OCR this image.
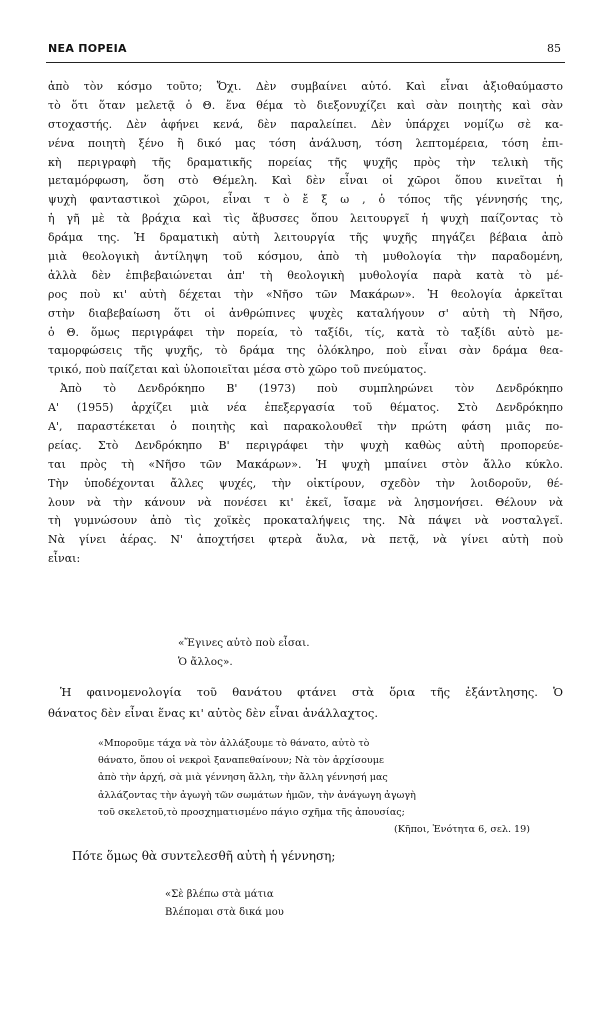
ΝΕΑ ΠΟΡΕΙΑ	85
ἀπὸ τὸν κόσμο τοῦτο; Ὄχι. Δὲν συμβαίνει αὐτό. Καὶ εἶναι ἀξιοθαύμαστο
τὸ ὅτι ὅταν μελετᾷ ὁ Θ. ἕνα θέμα τὸ διεξονυχίζει καὶ σὰν ποιητὴς καὶ σὰν
στοχαστής. Δὲν ἀφήνει κενά, δὲν παραλείπει. Δὲν ὑπάρχει νομίζω σὲ κα-
νένα ποιητὴ ξένο ἢ δικό μας τόση ἀνάλυση, τόση λεπτομέρεια, τόση ἐπι-
κὴ περιγραφὴ τῆς δραματικῆς πορείας τῆς ψυχῆς πρὸς τὴν τελικὴ τῆς
μεταμόρφωση, ὅση στὸ Θέμελη. Καὶ δὲν εἶναι οἱ χῶροι ὅπου κινεῖται ἡ
ψυχὴ φανταστικοὶ χῶροι, εἶναι τ ὸ ἔ ξ ω , ὁ τόπος τῆς γέννησής της,
ἡ γῆ μὲ τὰ βράχια καὶ τὶς ἄβυσσες ὅπου λειτουργεῖ ἡ ψυχὴ παίζοντας τὸ
δράμα της. Ἡ δραματικὴ αὐτὴ λειτουργία τῆς ψυχῆς πηγάζει βέβαια ἀπὸ
μιὰ θεολογικὴ ἀντίληψη τοῦ κόσμου, ἀπὸ τὴ μυθολογία τὴν παραδομένη,
ἀλλὰ δὲν ἐπιβεβαιώνεται ἀπ' τὴ θεολογικὴ μυθολογία παρὰ κατὰ τὸ μέ-
ρος ποὺ κι' αὐτὴ δέχεται τὴν «Νῆσο τῶν Μακάρων». Ἡ θεολογία ἀρκεῖται
στὴν διαβεβαίωση ὅτι οἱ ἀνθρώπινες ψυχὲς καταλήγουν σ' αὐτὴ τὴ Νῆσο,
ὁ Θ. ὅμως περιγράφει τὴν πορεία, τὸ ταξίδι, τίς, κατὰ τὸ ταξίδι αὐτὸ με-
ταμορφώσεις τῆς ψυχῆς, τὸ δράμα της ὁλόκληρο, ποὺ εἶναι σὰν δράμα θεα-
τρικό, ποὺ παίζεται καὶ ὑλοποιεῖται μέσα στὸ χῶρο τοῦ πνεύματος.
Ἀπὸ τὸ Δενδρόκηπο Β' (1973) ποὺ συμπληρώνει τὸν Δενδρόκηπο
Α' (1955) ἀρχίζει μιὰ νέα ἐπεξεργασία τοῦ θέματος. Στὸ Δενδρόκηπο
Α', παραστέκεται ὁ ποιητὴς καὶ παρακολουθεῖ τὴν πρώτη φάση μιᾶς πο-
ρείας. Στὸ Δενδρόκηπο Β' περιγράφει τὴν ψυχὴ καθὼς αὐτὴ προπορεύε-
ται πρὸς τὴ «Νῆσο τῶν Μακάρων». Ἡ ψυχὴ μπαίνει στὸν ἄλλο κύκλο.
Τὴν ὑποδέχονται ἄλλες ψυχές, τὴν οἰκτίρουν, σχεδὸν τὴν λοιδοροῦν, θέ-
λουν νὰ τὴν κάνουν νὰ πονέσει κι' ἐκεῖ, ἴσαμε νὰ λησμονήσει. Θέλουν νὰ
τὴ γυμνώσουν ἀπὸ τὶς χοϊκὲς προκαταλήψεις της. Νὰ πάψει νὰ νοσταλγεῖ.
Νὰ γίνει ἀέρας. Ν' ἀποχτήσει φτερὰ ἄυλα, νὰ πετᾷ, νὰ γίνει αὐτὴ ποὺ
εἶναι:
«Ἔγινες αὐτὸ ποὺ εἶσαι.
Ὁ ἄλλος».
Ἡ φαινομενολογία τοῦ θανάτου φτάνει στὰ ὅρια τῆς ἐξάντλησης. Ὁ
θάνατος δὲν εἶναι ἕνας κι' αὐτὸς δὲν εἶναι ἀνάλλαχτος.
«Μποροῦμε τάχα νὰ τὸν ἀλλάξουμε τὸ θάνατο, αὐτὸ τὸ
θάνατο, ὅπου οἱ νεκροὶ ξαναπεθαίνουν; Νὰ τὸν ἀρχίσουμε
ἀπὸ τὴν ἀρχή, σὰ μιὰ γέννηση ἄλλη, τὴν ἄλλη γέννησή μας
ἀλλάζοντας τὴν ἀγωγὴ τῶν σωμάτων ἡμῶν, τὴν ἀνάγωγη ἀγωγὴ
τοῦ σκελετοῦ,τὸ προσχηματισμένο πάγιο σχῆμα τῆς ἀπουσίας;
(Κῆποι, Ἑνότητα 6, σελ. 19)
Πότε ὅμως θὰ συντελεσθῆ αὐτὴ ἡ γέννηση;
«Σὲ βλέπω στὰ μάτια
Βλέπομαι στὰ δικά μου
